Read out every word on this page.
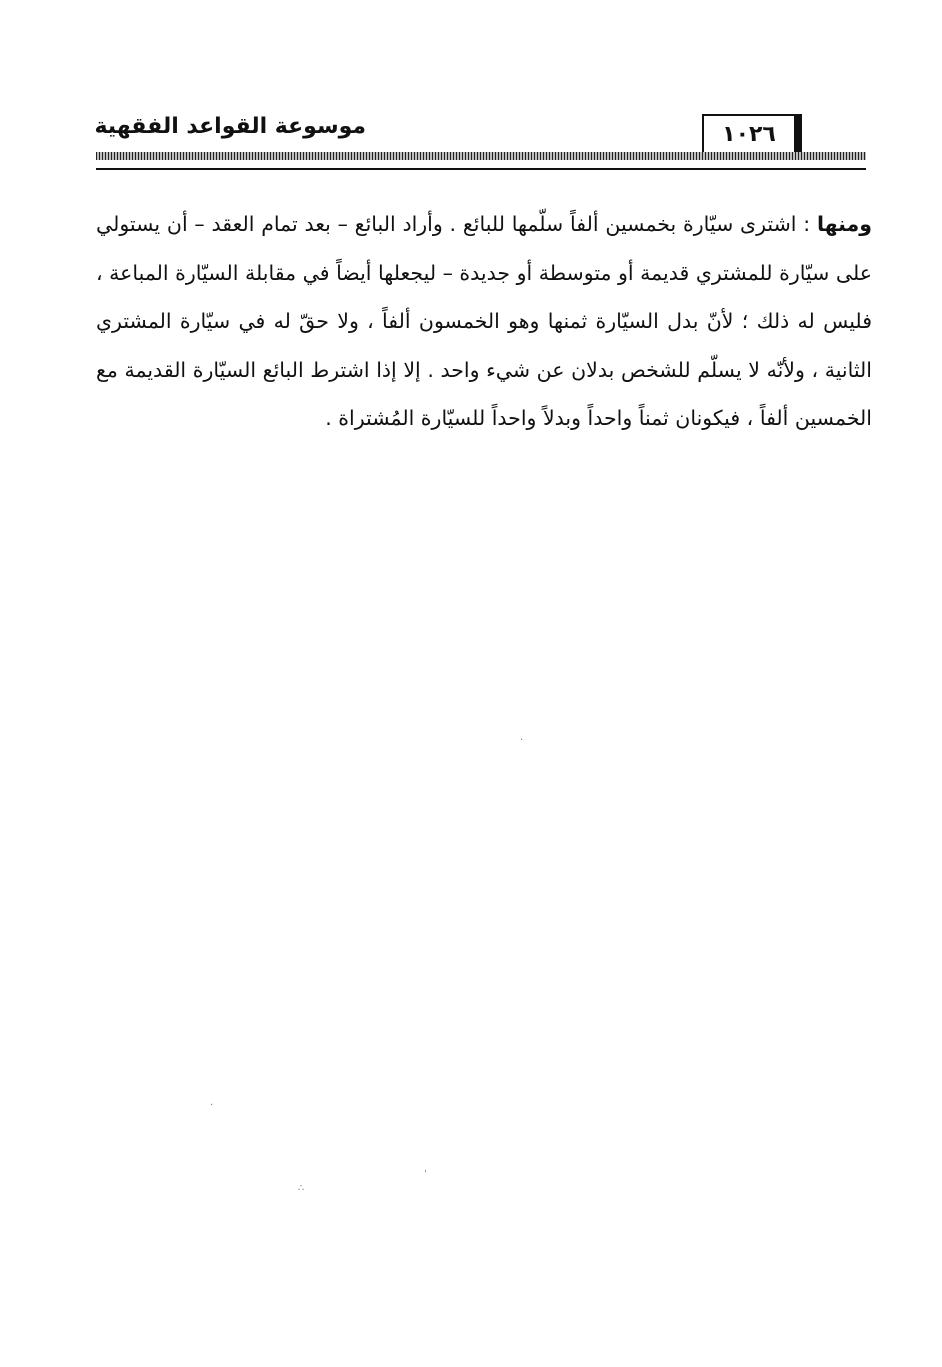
موسوعة القواعد الفقهية	١٠٢٦

ومنها : اشترى سيّارة بخمسين ألفاً سلّمها للبائع . وأراد البائع – بعد تمام العقد – أن يستولي على سيّارة للمشتري قديمة أو متوسطة أو جديدة – ليجعلها أيضاً في مقابلة السيّارة المباعة ، فليس له ذلك ؛ لأنّ بدل السيّارة ثمنها وهو الخمسون ألفاً ، ولا حقّ له في سيّارة المشتري الثانية ، ولأنّه لا يسلّم للشخص بدلان عن شيء واحد . إلا إذا اشترط البائع السيّارة القديمة مع الخمسين ألفاً ، فيكونان ثمناً واحداً وبدلاً واحداً للسيّارة المُشتراة .

·
·
ˌ
∴
